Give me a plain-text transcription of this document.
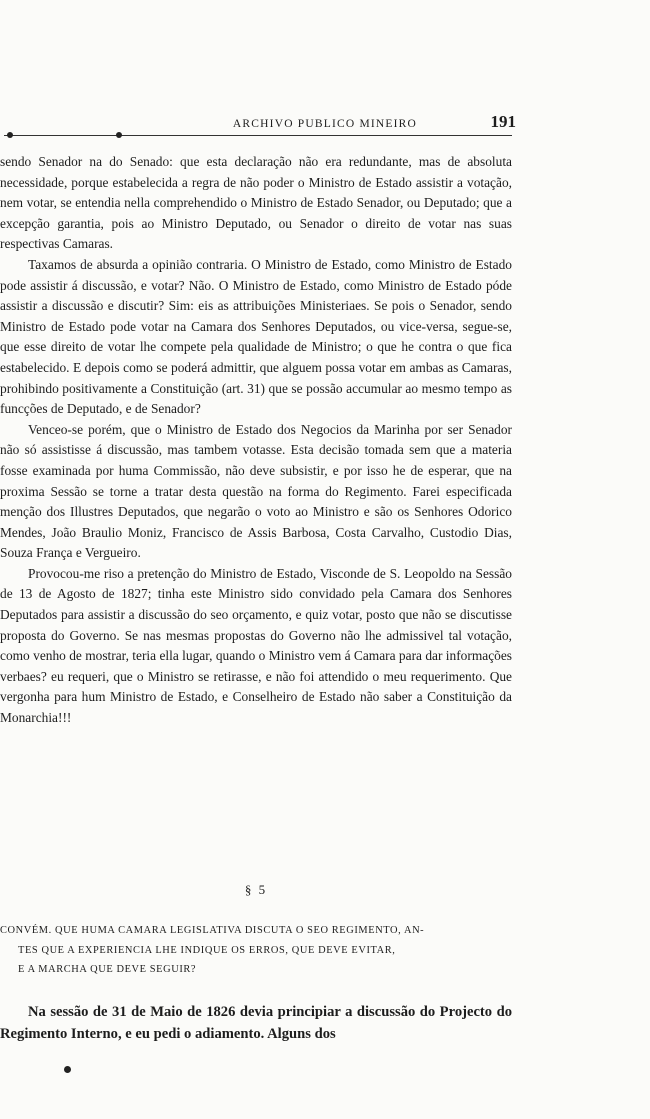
ARCHIVO PUBLICO MINEIRO	191

sendo Senador na do Senado: que esta declaração não era redundante, mas de absoluta necessidade, porque estabelecida a regra de não poder o Ministro de Estado assistir a votação, nem votar, se entendia nella comprehendido o Ministro de Estado Senador, ou Deputado; que a excepção garantia, pois ao Ministro Deputado, ou Senador o direito de votar nas suas respectivas Camaras.

Taxamos de absurda a opinião contraria. O Ministro de Estado, como Ministro de Estado pode assistir á discussão, e votar? Não. O Ministro de Estado, como Ministro de Estado póde assistir a discussão e discutir? Sim: eis as attribuições Ministeriaes. Se pois o Senador, sendo Ministro de Estado pode votar na Camara dos Senhores Deputados, ou vice-versa, segue-se, que esse direito de votar lhe compete pela qualidade de Ministro; o que he contra o que fica estabelecido. E depois como se poderá admittir, que alguem possa votar em ambas as Camaras, prohibindo positivamente a Constituição (art. 31) que se possão accumular ao mesmo tempo as funcções de Deputado, e de Senador?

Venceo-se porém, que o Ministro de Estado dos Negocios da Marinha por ser Senador não só assistisse á discussão, mas tambem votasse. Esta decisão tomada sem que a materia fosse examinada por huma Commissão, não deve subsistir, e por isso he de esperar, que na proxima Sessão se torne a tratar desta questão na forma do Regimento. Farei especificada menção dos Illustres Deputados, que negarão o voto ao Ministro e são os Senhores Odorico Mendes, João Braulio Moniz, Francisco de Assis Barbosa, Costa Carvalho, Custodio Dias, Souza França e Vergueiro.

Provocou-me riso a pretenção do Ministro de Estado, Visconde de S. Leopoldo na Sessão de 13 de Agosto de 1827; tinha este Ministro sido convidado pela Camara dos Senhores Deputados para assistir a discussão do seo orçamento, e quiz votar, posto que não se discutisse proposta do Governo. Se nas mesmas propostas do Governo não lhe admissivel tal votação, como venho de mostrar, teria ella lugar, quando o Ministro vem á Camara para dar informações verbaes? eu requeri, que o Ministro se retirasse, e não foi attendido o meu requerimento. Que vergonha para hum Ministro de Estado, e Conselheiro de Estado não saber a Constituição da Monarchia!!!

§ 5
CONVÉM. QUE HUMA CAMARA LEGISLATIVA DISCUTA O SEO REGIMENTO, AN-
TES QUE A EXPERIENCIA LHE INDIQUE OS ERROS, QUE DEVE EVITAR,
E A MARCHA QUE DEVE SEGUIR?

Na sessão de 31 de Maio de 1826 devia principiar a discussão do Projecto do Regimento Interno, e eu pedi o adiamento. Alguns dos
